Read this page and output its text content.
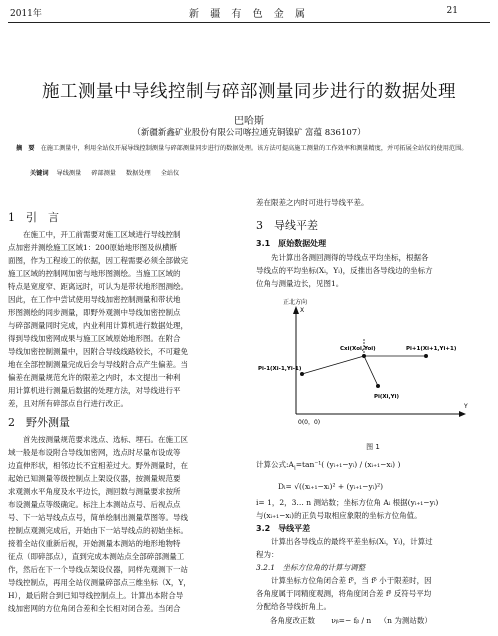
2011年	新 疆 有 色 金 属	21
施工测量中导线控制与碎部测量同步进行的数据处理
巴哈斯
（新疆新鑫矿业股份有限公司喀拉通克铜镍矿 富蕴 836107）
摘　要 在施工测量中，利用全站仪开展导线控制测量与碎部测量同步进行的数据处理。该方法可提高施工测量的工作效率和测量精度，并可拓展全站仪的使用范围。
关键词 导线测量 碎部测量 数据处理 全站仪
1　引　言
在施工中，开工前需要对施工区域进行导线控制
点加密并测绘施工区域1：200原始地形图及纵横断
面图，作为工程竣工的依据，因工程需要必须全部做完
施工区域的控制网加密与地形图测绘。当施工区域的
特点是宽度窄、距离远时，可认为是带状地形图测绘。
因此，在工作中尝试使用导线加密控制测量和带状地
形图测绘的同步测量，即野外观测中导线加密控制点
与碎部测量同时完成，内业利用计算机进行数据处理，
得到导线加密网成果与施工区域原始地形图。在附合
导线加密控制测量中，因附合导线线路较长，不可避免
地在全部控制测量完成后会与导线附合点产生偏差。当
偏差在测量规范允许的限差之内时，本文提出一种利
用计算机进行测量后数据的处理方法，对导线进行平
差，且对所有碎部点自行进行改正。
2　野外测量
首先按测量规范要求选点、选标、埋石。在施工区
域一般是布设附合导线加密网，选点时尽量布设成等
边直伸形状，相邻边长不宜相差过大。野外测量时，在
起始已知测量等级控制点上架设仪器，按测量规范要
求观测水平角度及水平边长，测回数与测量要求按所
布设测量点等级确定。标注上本测站点号、后视点点
号、下一站导线点点号，简单绘制出测量草图等。导线
控制点观测完成后，开始由下一站导线点的初始坐标。
接着全站仪重新后视，开始测量本测站的地形地物特
征点（即碎部点），直到完成本测站点全部碎部测量工
作，然后在下一个导线点架设仪器，同样先观测下一站
导线控制点，再用全站仪测量碎部点三维坐标（X，Y，
H），最后附合到已知导线控制点上。计算出本附合导
线加密网的方位角闭合差和全长相对闭合差。当闭合
差在限差之内时可进行导线平差。
3　导线平差
3.1　原始数据处理
先计算出各测回测得的导线点平均坐标，根据各
导线点的平均坐标(Xᵢ，Yᵢ)，反推出各导线边的坐标方
位角与测量边长，见图1。
正北方向
X
Y
0(0，0)
Pi-1(Xi-1,Yi-1)
Cxi(Xoi,Yoi)	Pi+1(Xi+1,Yi+1)
Pi(Xi,Yi)
图 1
计算公式$:A_i=\tan^{-1}$( (yᵢ₊₁−yᵢ) / (xᵢ₊₁−xᵢ) )
Dᵢ= √((xᵢ₊₁−xᵢ)² + (yᵢ₊₁−yᵢ)²)
i= 1，2，3… n 测站数；坐标方位角 Aᵢ 根据(yᵢ₊₁−yᵢ)
与(xᵢ₊₁−xᵢ)的正负号取相应象限的坐标方位角值。
3.2　导线平差
计算出各导线点的最终平差坐标(Xᵢ，Yᵢ)，计算过
程为：
3.2.1　坐标方位角的计算与调整
计算坐标方位角闭合差 fᵝ，当 fᵝ 小于限差时，因
各角度属于同精度观测，将角度闭合差 fᵝ 反符号平均
分配给各导线折角上。
各角度改正数 νᵦ=− fᵦ / n （n 为测站数）
